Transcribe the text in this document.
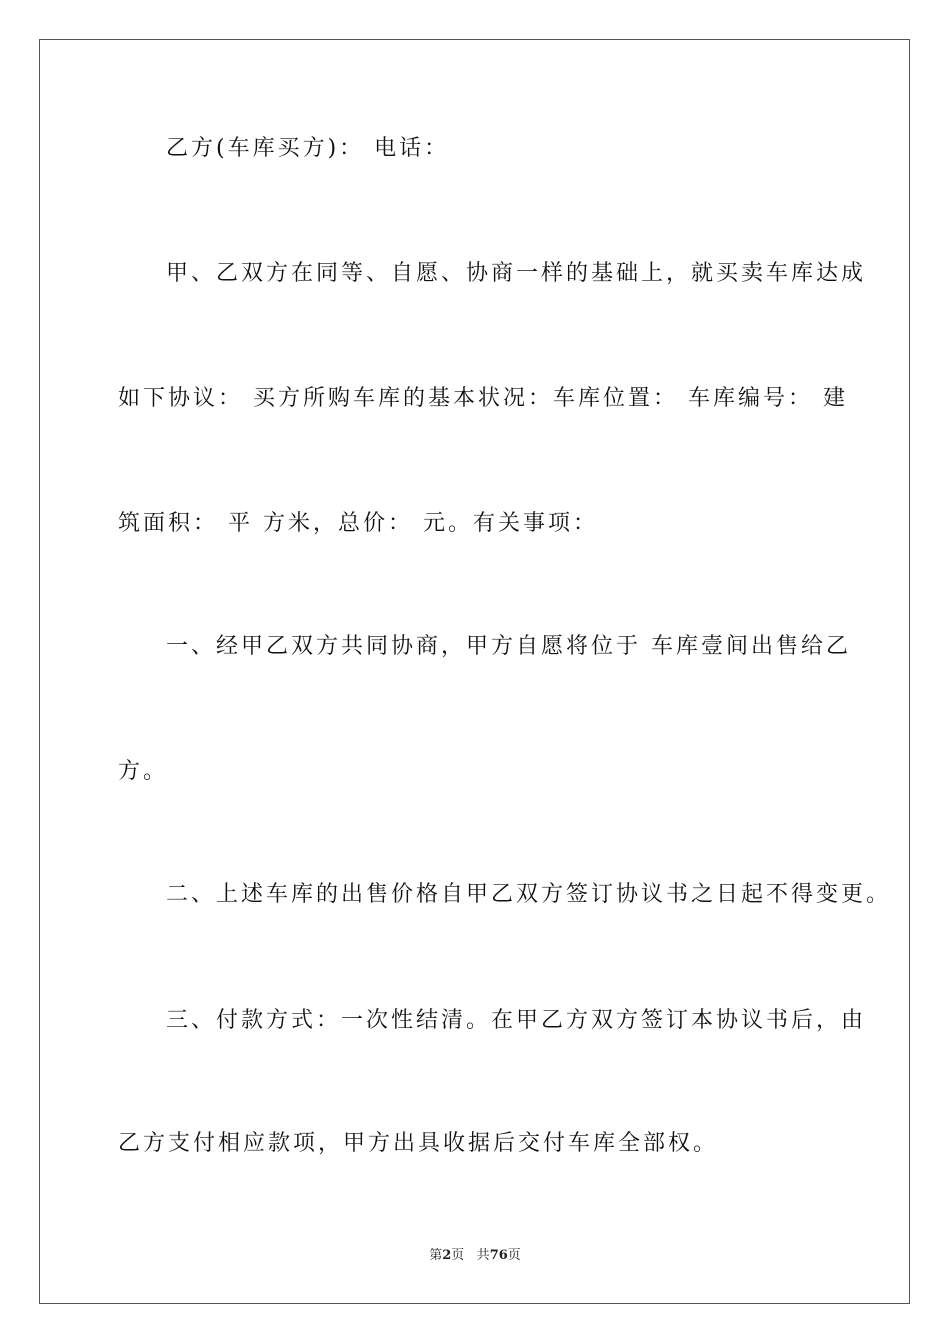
乙方(车库买方)： 电话：
甲、乙双方在同等、自愿、协商一样的基础上，就买卖车库达成
如下协议： 买方所购车库的基本状况：车库位置： 车库编号： 建
筑面积： 平 方米，总价： 元。有关事项：
一、经甲乙双方共同协商，甲方自愿将位于 车库壹间出售给乙
方。
二、上述车库的出售价格自甲乙双方签订协议书之日起不得变更。
三、付款方式：一次性结清。在甲乙方双方签订本协议书后，由
乙方支付相应款项，甲方出具收据后交付车库全部权。
第2页 共76页
